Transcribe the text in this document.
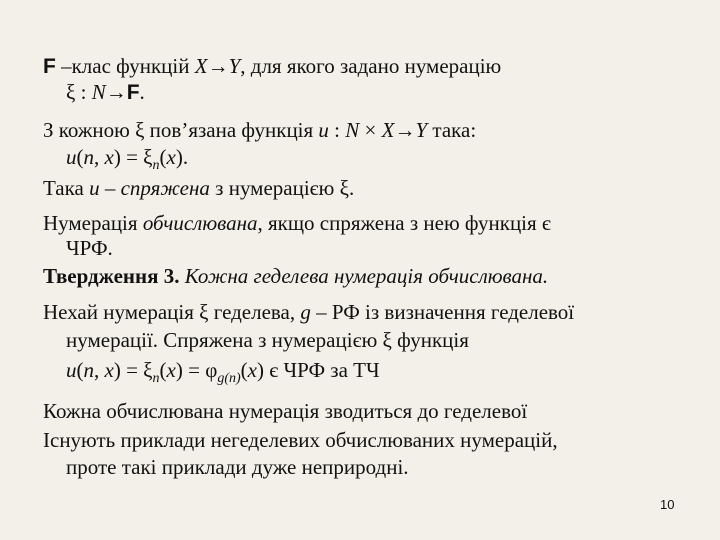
F –клас функцій X→Y, для якого задано нумерацію
ξ : N→F.
З кожною ξ пов’язана функція u : N × X→Y така:
u(n, $x) = \xi_n(x)$.
Така u – спряжена з нумерацією ξ.
Нумерація обчислювана, якщо спряжена з нею функція є
ЧРФ.
Твердження 3. Кожна геделева нумерація обчислювана.
Нехай нумерація ξ геделева, g – РФ із визначення геделевої
нумерації. Спряжена з нумерацією ξ функція
u(n, $x) = \xi_n(x) = \varphi_{g(n)}(x)$ є ЧРФ за ТЧ
Кожна обчислювана нумерація зводиться до геделевої
Існують приклади негеделевих обчислюваних нумерацій,
проте такі приклади дуже неприродні.
10
